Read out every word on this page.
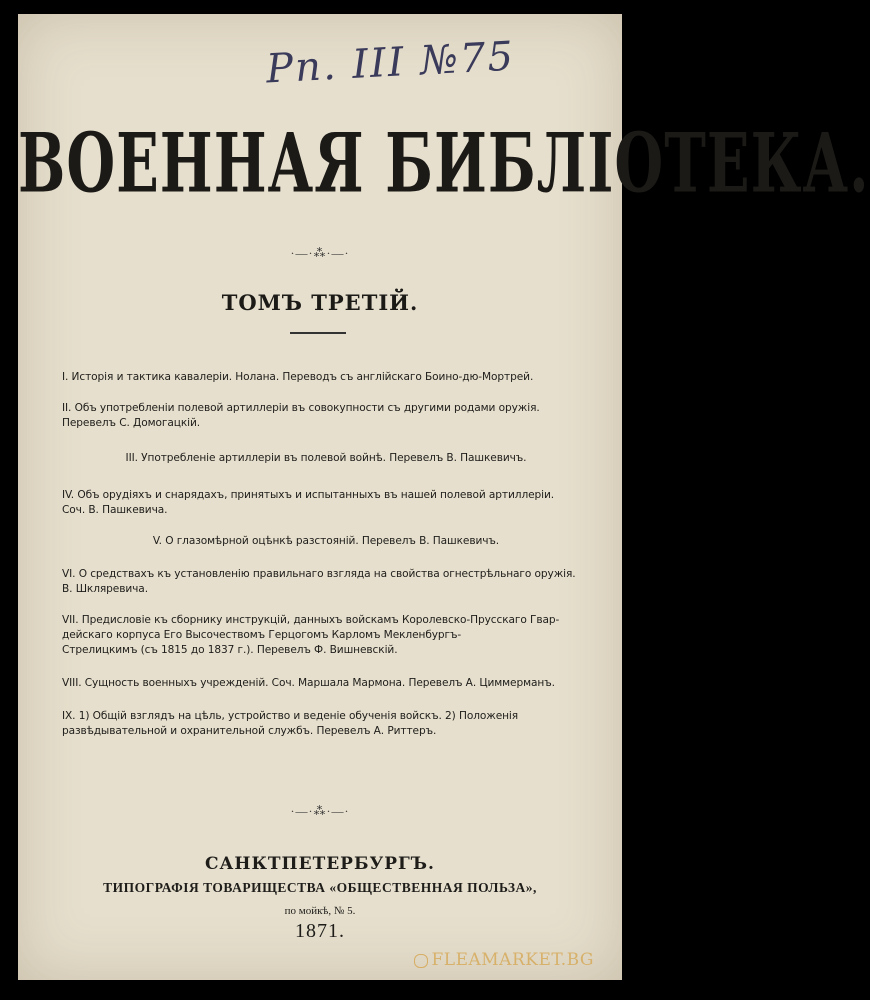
Рп. III №75
ВОЕННАЯ БИБЛIОТЕКА.
·—·⁂·—·
ТОМЪ ТРЕТIЙ.
I. Исторiя и тактика кавалерiи. Нолана. Переводъ съ англiйскаго Боино-дю-Мортрей.
II. Объ употребленiи полевой артиллерiи въ совокупности съ другими родами оружiя.
Перевелъ С. Домогацкiй.
III. Употребленiе артиллерiи въ полевой войнѣ. Перевелъ В. Пашкевичъ.
IV. Объ орудiяхъ и снарядахъ, принятыхъ и испытанныхъ въ нашей полевой артиллерiи.
Соч. В. Пашкевича.
V. О глазомѣрной оцѣнкѣ разстоянiй. Перевелъ В. Пашкевичъ.
VI. О средствахъ къ установленiю правильнаго взгляда на свойства огнестрѣльнаго оружiя.
В. Шкляревича.
VII. Предисловiе къ сборнику инструкцiй, данныхъ войскамъ Королевско-Прусскаго Гвар-
дейскаго корпуса Его Высочествомъ Герцогомъ Карломъ Мекленбургъ-
Стрелицкимъ (съ 1815 до 1837 г.). Перевелъ Ф. Вишневскiй.
VIII. Сущность военныхъ учрежденiй. Соч. Маршала Мармона. Перевелъ А. Циммерманъ.
IX. 1) Общiй взглядъ на цѣль, устройство и веденiе обученiя войскъ. 2) Положенiя
развѣдывательной и охранительной службъ. Перевелъ А. Риттеръ.
·—·⁂·—·
САНКТПЕТЕРБУРГЪ.
ТИПОГРАФIЯ ТОВАРИЩЕСТВА «ОБЩЕСТВЕННАЯ ПОЛЬЗА»,
по мойкѣ, № 5.
1871.
FLEAMARKET.BG
